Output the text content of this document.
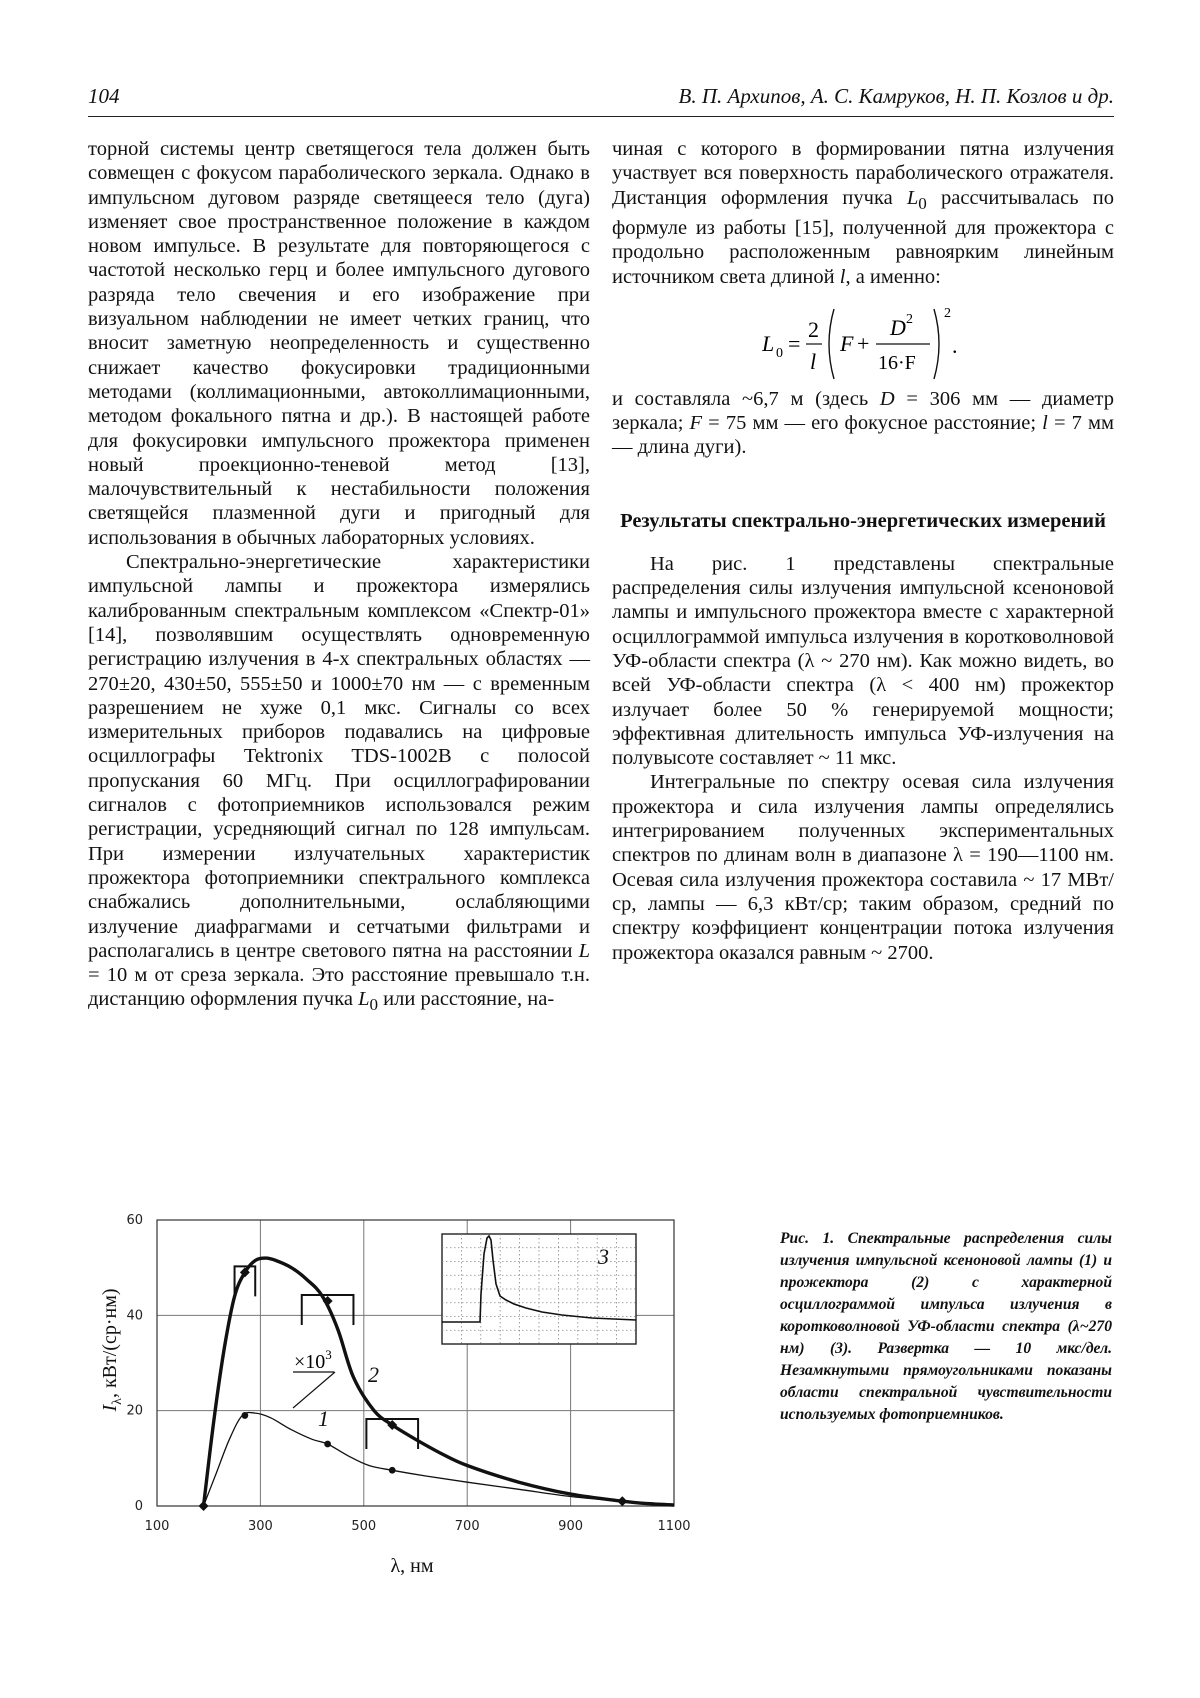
104	В. П. Архипов, А. С. Камруков, Н. П. Козлов и др.

торной системы центр светящегося тела должен быть совмещен с фокусом параболического зеркала. Однако в импульсном дуговом разряде светящееся тело (дуга) изменяет свое пространственное положение в каждом новом импульсе. В результате для повторяющегося с частотой несколько герц и более импульсного дугового разряда тело свечения и его изображение при визуальном наблюдении не имеет четких границ, что вносит заметную неопределенность и существенно снижает качество фокусировки традиционными методами (коллимационными, автоколлимационными, методом фокального пятна и др.). В настоящей работе для фокусировки импульсного прожектора применен новый проекционно-теневой метод [13], малочувствительный к нестабильности положения светящейся плазменной дуги и пригодный для использования в обычных лабораторных условиях.

Спектрально-энергетические характеристики импульсной лампы и прожектора измерялись калиброванным спектральным комплексом «Спектр-01» [14], позволявшим осуществлять одновременную регистрацию излучения в 4-х спектральных областях — 270±20, 430±50, 555±50 и 1000±70 нм — с временным разрешением не хуже 0,1 мкс. Сигналы со всех измерительных приборов подавались на цифровые осциллографы Tektronix TDS-1002B с полосой пропускания 60 МГц. При осциллографировании сигналов с фотоприемников использовался режим регистрации, усредняющий сигнал по 128 импульсам. При измерении излучательных характеристик прожектора фотоприемники спектрального комплекса снабжались дополнительными, ослабляющими излучение диафрагмами и сетчатыми фильтрами и располагались в центре светового пятна на расстоянии L = 10 м от среза зеркала. Это расстояние превышало т.н. дистанцию оформления пучка $L_0$ или расстояние, на-

чиная с которого в формировании пятна излучения участвует вся поверхность параболического отражателя. Дистанция оформления пучка $L_0$ рассчитывалась по формуле из работы [15], полученной для прожектора с продольно расположенным равноярким линейным источником света длиной l, а именно:

L 0 =
2
l
F +
D 2
16·F
2
.

и составляла ~6,7 м (здесь D = 306 мм — диаметр зеркала; F = 75 мм — его фокусное расстояние; l = 7 мм — длина дуги).

Результаты спектрально-энергетических измерений

На рис. 1 представлены спектральные распределения силы излучения импульсной ксеноновой лампы и импульсного прожектора вместе с характерной осциллограммой импульса излучения в коротковолновой УФ-области спектра (λ ~ 270 нм). Как можно видеть, во всей УФ-области спектра (λ < 400 нм) прожектор излучает более 50 % генерируемой мощности; эффективная длительность импульса УФ-излучения на полувысоте составляет ~ 11 мкс.

Интегральные по спектру осевая сила излучения прожектора и сила излучения лампы определялись интегрированием полученных экспериментальных спектров по длинам волн в диапазоне λ = 190—1100 нм. Осевая сила излучения прожектора составила ~ 17 МВт/ср, лампы — 6,3 кВт/ср; таким образом, средний по спектру коэффициент концентрации потока излучения прожектора оказался равным ~ 2700.

100	300	500	700	900	1100
0
20
40
60
3
λ, нм
$I_\lambda$, кВт/(ср·нм)
1
2
$\times 10^3$

Рис. 1. Спектральные распределения силы излучения импульсной ксеноновой лампы (1) и прожектора (2) с характерной осциллограммой импульса излучения в коротковолновой УФ-области спектра (λ~270 нм) (3). Развертка — 10 мкс/дел. Незамкнутыми прямоугольниками показаны области спектральной чувствительности используемых фотоприемников.
